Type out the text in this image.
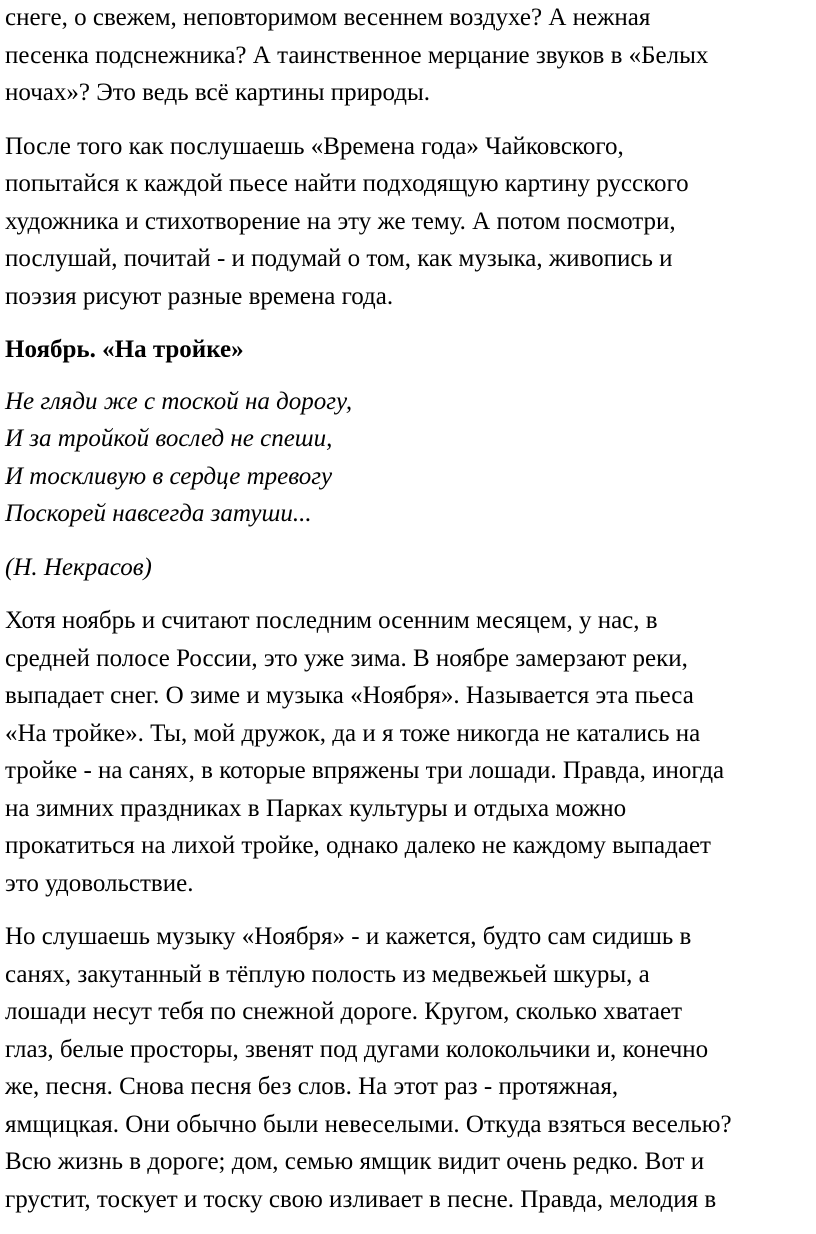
снеге, о свежем, неповторимом весеннем воздухе? А нежная
песенка подснежника? А таинственное мерцание звуков в «Белых
ночах»? Это ведь всё картины природы.
После того как послушаешь «Времена года» Чайковского,
попытайся к каждой пьесе найти подходящую картину русского
художника и стихотворение на эту же тему. А потом посмотри,
послушай, почитай - и подумай о том, как музыка, живопись и
поэзия рисуют разные времена года.
Ноябрь. «На тройке»
Не гляди же с тоской на дорогу,
И за тройкой вослед не спеши,
И тоскливую в сердце тревогу
Поскорей навсегда затуши...
(Н. Некрасов)
Хотя ноябрь и считают последним осенним месяцем, у нас, в
средней полосе России, это уже зима. В ноябре замерзают реки,
выпадает снег. О зиме и музыка «Ноября». Называется эта пьеса
«На тройке». Ты, мой дружок, да и я тоже никогда не катались на
тройке - на санях, в которые впряжены три лошади. Правда, иногда
на зимних праздниках в Парках культуры и отдыха можно
прокатиться на лихой тройке, однако далеко не каждому выпадает
это удовольствие.
Но слушаешь музыку «Ноября» - и кажется, будто сам сидишь в
санях, закутанный в тёплую полость из медвежьей шкуры, а
лошади несут тебя по снежной дороге. Кругом, сколько хватает
глаз, белые просторы, звенят под дугами колокольчики и, конечно
же, песня. Снова песня без слов. На этот раз - протяжная,
ямщицкая. Они обычно были невеселыми. Откуда взяться веселью?
Всю жизнь в дороге; дом, семью ямщик видит очень редко. Вот и
грустит, тоскует и тоску свою изливает в песне. Правда, мелодия в
